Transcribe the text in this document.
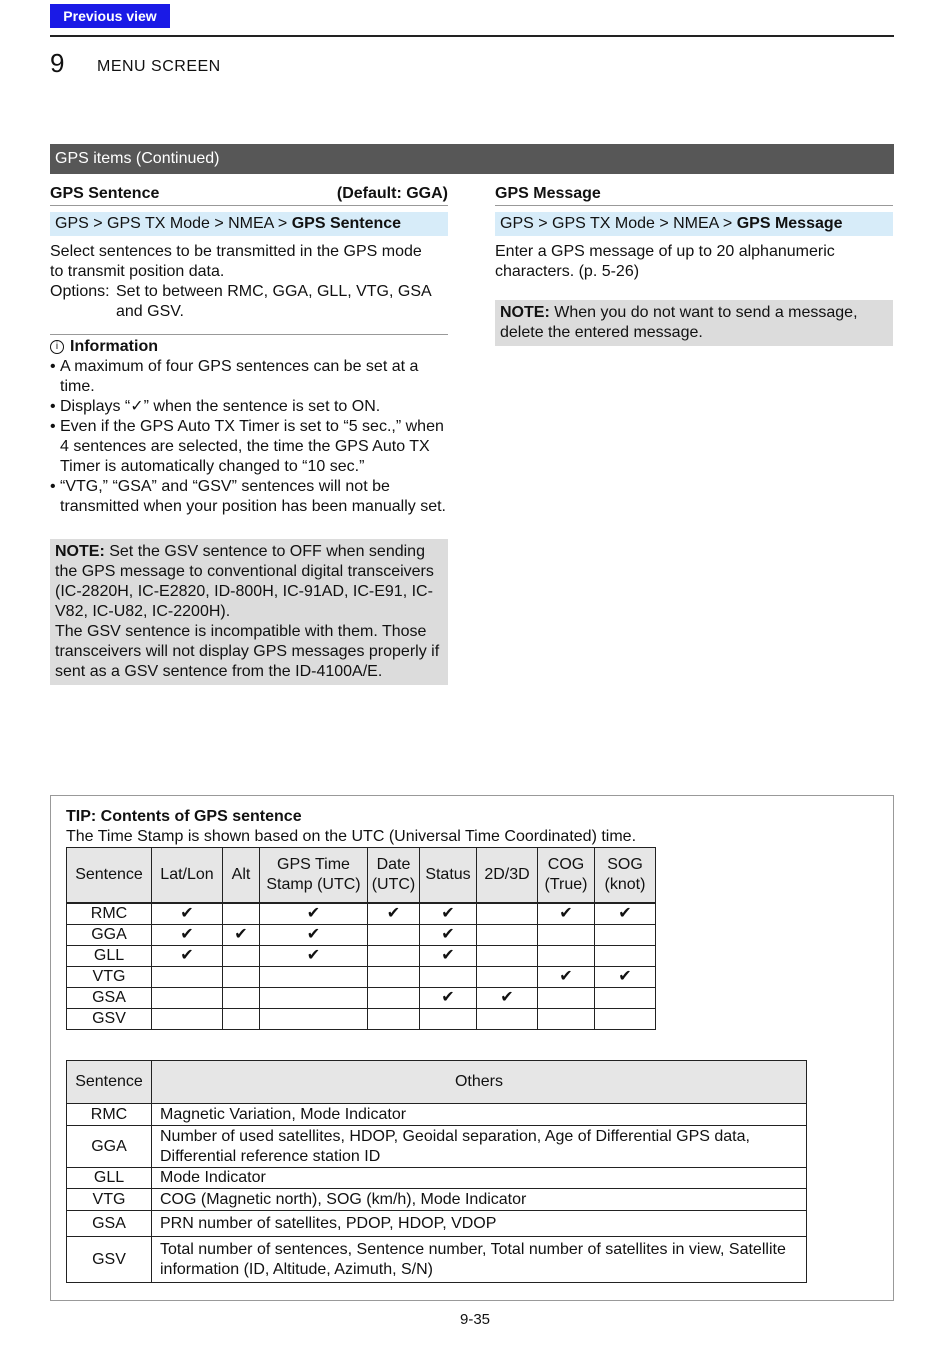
Previous view
9 MENU SCREEN
GPS items (Continued)
GPS Sentence	(Default: GGA)
GPS > GPS TX Mode > NMEA > GPS Sentence

Select sentences to be transmitted in the GPS mode

to transmit position data.

Options: Set to between RMC, GGA, GLL, VTG, GSA
and GSV.
i Information
• A maximum of four GPS sentences can be set at a time.
• Displays “✓” when the sentence is set to ON.
• Even if the GPS Auto TX Timer is set to “5 sec.,” when 4 sentences are selected, the time the GPS Auto TX Timer is automatically changed to “10 sec.”
• “VTG,” “GSA” and “GSV” sentences will not be transmitted when your position has been manually set.
NOTE: Set the GSV sentence to OFF when sending the GPS message to conventional digital transceivers (IC-2820H, IC-E2820, ID-800H, IC-91AD, IC-E91, IC-V82, IC-U82, IC-2200H).
The GSV sentence is incompatible with them. Those transceivers will not display GPS messages properly if sent as a GSV sentence from the ID-4100A/E.
GPS Message
GPS > GPS TX Mode > NMEA > GPS Message

Enter a GPS message of up to 20 alphanumeric

characters. (p. 5-26)

NOTE: When you do not want to send a message, delete the entered message.
TIP: Contents of GPS sentence
The Time Stamp is shown based on the UTC (Universal Time Coordinated) time.
Sentence	Lat/Lon	Alt	GPS Time Stamp (UTC)	Date (UTC)	Status	2D/3D	COG (True)	SOG (knot)
RMC	✔		✔	✔	✔		✔	✔
GGA	✔	✔	✔		✔			
GLL	✔		✔		✔			
VTG							✔	✔
GSA					✔	✔		
GSV								
Sentence	Others
RMC	Magnetic Variation, Mode Indicator
GGA	Number of used satellites, HDOP, Geoidal separation, Age of Differential GPS data, Differential reference station ID
GLL	Mode Indicator
VTG	COG (Magnetic north), SOG (km/h), Mode Indicator
GSA	PRN number of satellites, PDOP, HDOP, VDOP
GSV	Total number of sentences, Sentence number, Total number of satellites in view, Satellite information (ID, Altitude, Azimuth, S/N)
9-35
